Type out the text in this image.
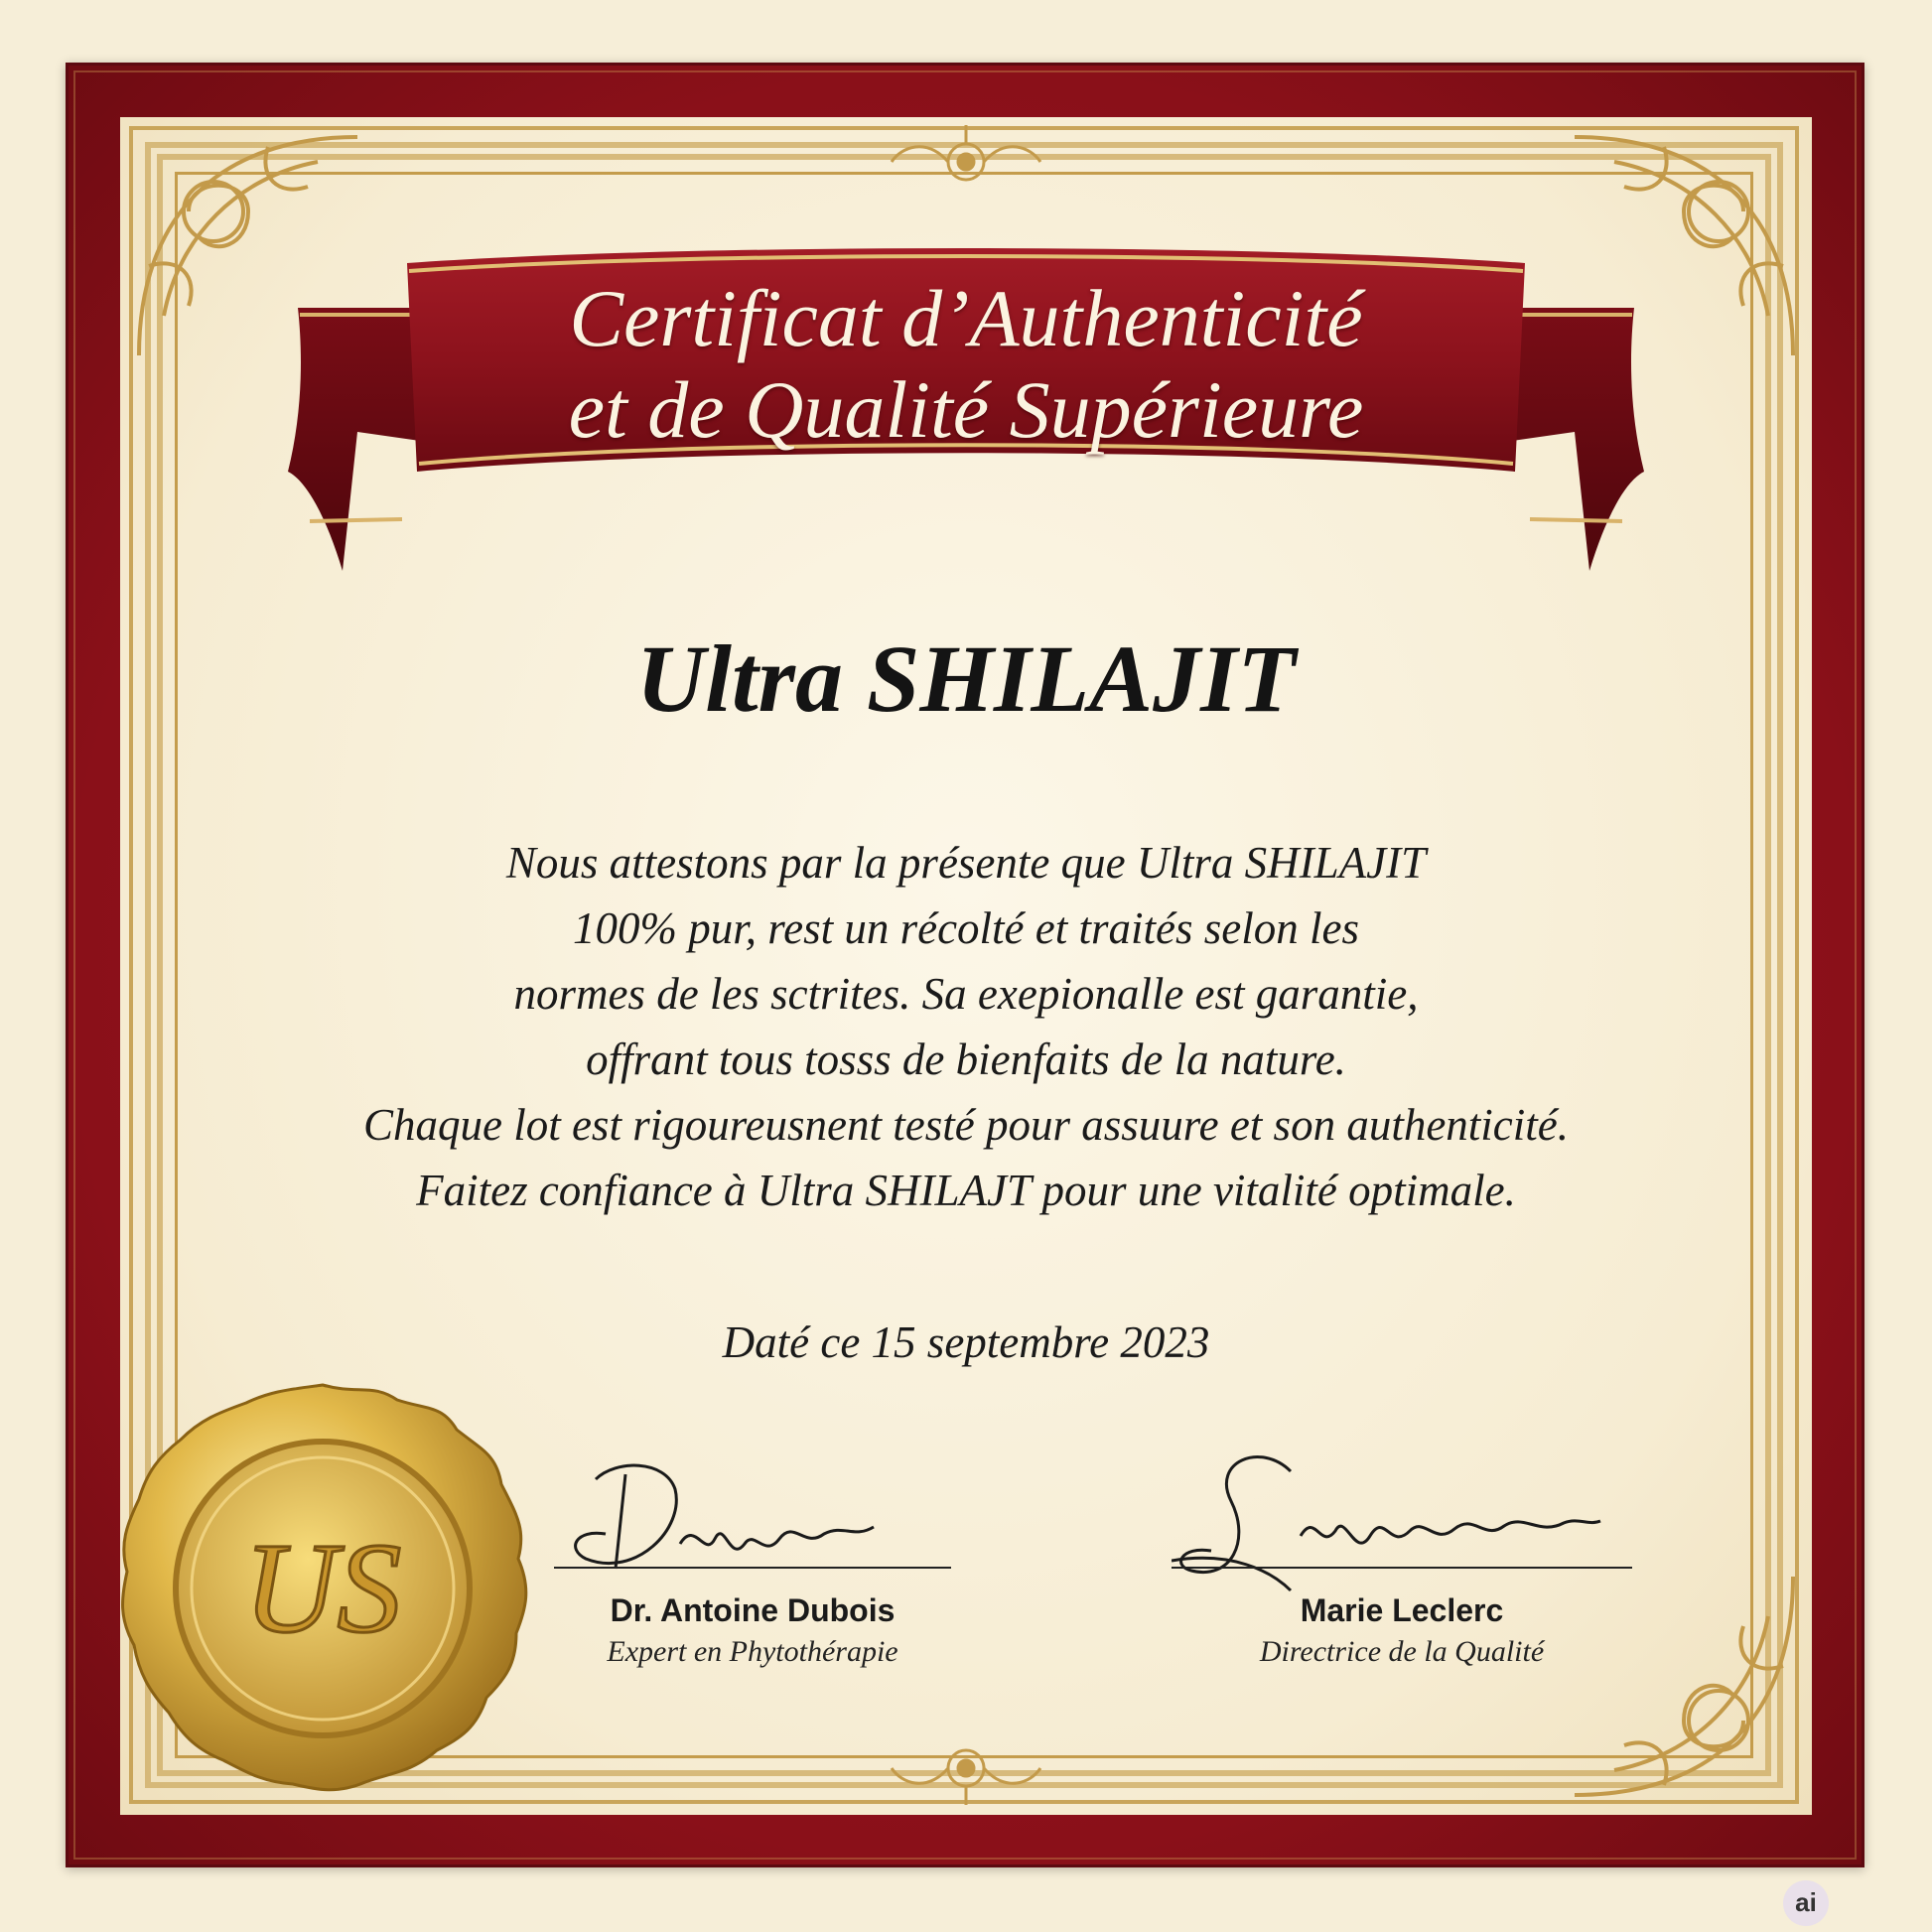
Certificat d’Authenticité
et de Qualité Supérieure
Ultra SHILAJIT
Nous attestons par la présente que Ultra SHILAJIT
100% pur, rest un récolté et traités selon les
normes de les sctrites. Sa exepionalle est garantie,
offrant tous tosss de bienfaits de la nature.
Chaque lot est rigoureusnent testé pour assuure et son authenticité.
Faitez confiance à Ultra SHILAJT pour une vitalité optimale.
Daté ce 15 septembre 2023
Dr. Antoine Dubois
Expert en Phytothérapie
Marie Leclerc
Directrice de la Qualité
US
ai
